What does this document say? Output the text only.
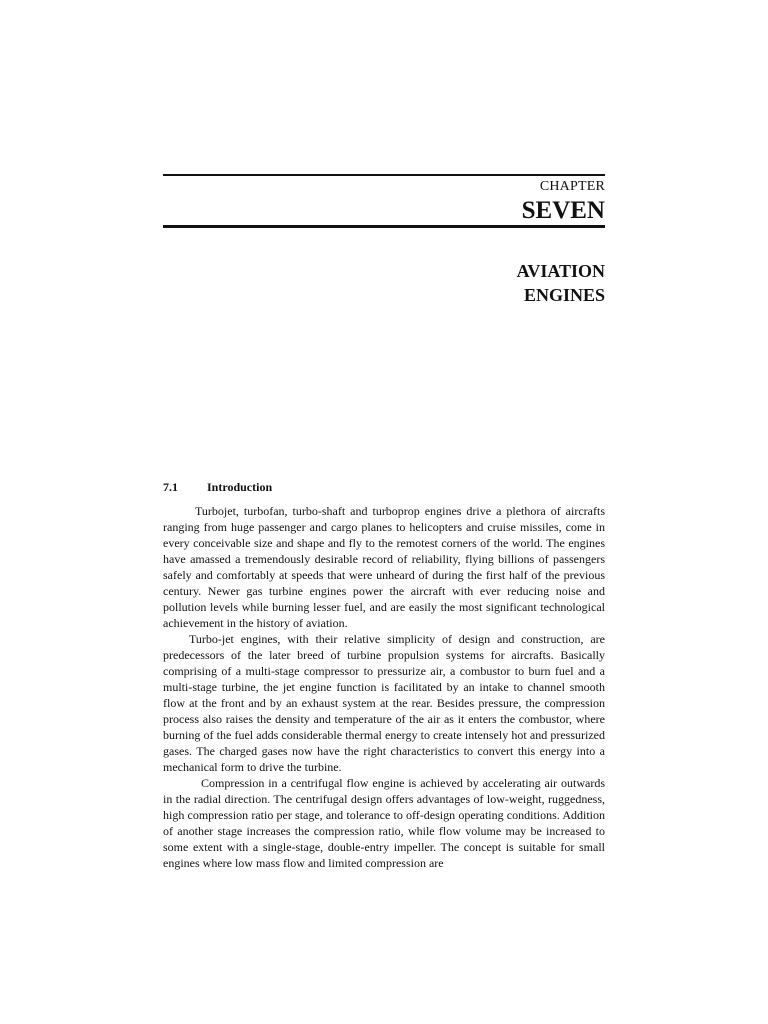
CHAPTER
SEVEN
AVIATION
ENGINES
7.1 Introduction

Turbojet, turbofan, turbo-shaft and turboprop engines drive a plethora of aircrafts ranging from huge passenger and cargo planes to helicopters and cruise missiles, come in every conceivable size and shape and fly to the remotest corners of the world. The engines have amassed a tremendously desirable record of reliability, flying billions of passengers safely and comfortably at speeds that were unheard of during the first half of the previous century. Newer gas turbine engines power the aircraft with ever reducing noise and pollution levels while burning lesser fuel, and are easily the most significant technological achievement in the history of aviation.

Turbo-jet engines, with their relative simplicity of design and construction, are predecessors of the later breed of turbine propulsion systems for aircrafts. Basically comprising of a multi-stage compressor to pressurize air, a combustor to burn fuel and a multi-stage turbine, the jet engine function is facilitated by an intake to channel smooth flow at the front and by an exhaust system at the rear. Besides pressure, the compression process also raises the density and temperature of the air as it enters the combustor, where burning of the fuel adds considerable thermal energy to create intensely hot and pressurized gases. The charged gases now have the right characteristics to convert this energy into a mechanical form to drive the turbine.

Compression in a centrifugal flow engine is achieved by accelerating air outwards in the radial direction. The centrifugal design offers advantages of low-weight, ruggedness, high compression ratio per stage, and tolerance to off-design operating conditions. Addition of another stage increases the compression ratio, while flow volume may be increased to some extent with a single-stage, double-entry impeller. The concept is suitable for small engines where low mass flow and limited compression are
